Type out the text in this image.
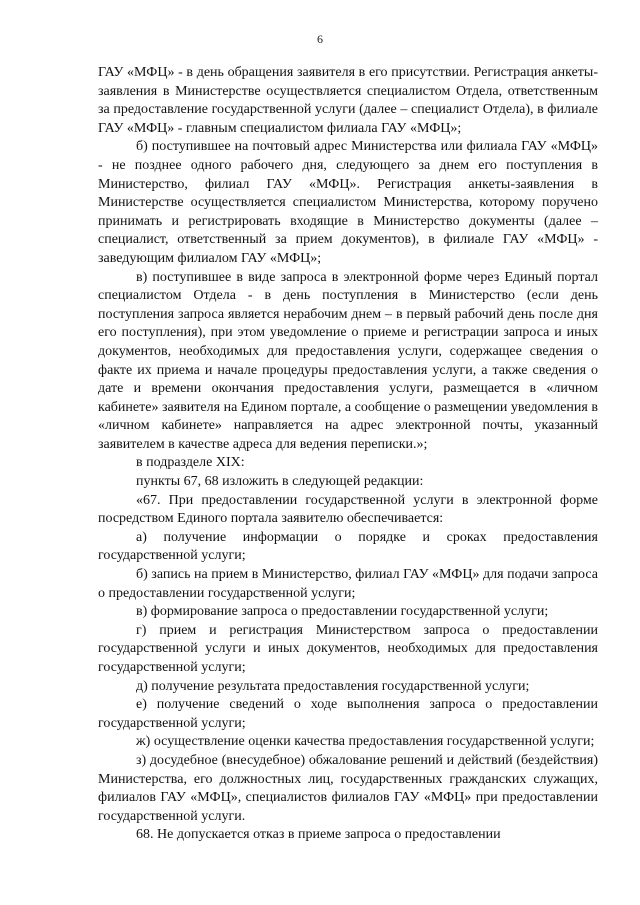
6

ГАУ «МФЦ» - в день обращения заявителя в его присутствии. Регистрация анкеты-заявления в Министерстве осуществляется специалистом Отдела, ответственным за предоставление государственной услуги (далее – специалист Отдела), в филиале ГАУ «МФЦ» - главным специалистом филиала ГАУ «МФЦ»;

б) поступившее на почтовый адрес Министерства или филиала ГАУ «МФЦ» - не позднее одного рабочего дня, следующего за днем его поступления в Министерство, филиал ГАУ «МФЦ». Регистрация анкеты-заявления в Министерстве осуществляется специалистом Министерства, которому поручено принимать и регистрировать входящие в Министерство документы (далее – специалист, ответственный за прием документов), в филиале ГАУ «МФЦ» - заведующим филиалом ГАУ «МФЦ»;

в) поступившее в виде запроса в электронной форме через Единый портал специалистом Отдела - в день поступления в Министерство (если день поступления запроса является нерабочим днем – в первый рабочий день после дня его поступления), при этом уведомление о приеме и регистрации запроса и иных документов, необходимых для предоставления услуги, содержащее сведения о факте их приема и начале процедуры предоставления услуги, а также сведения о дате и времени окончания предоставления услуги, размещается в «личном кабинете» заявителя на Едином портале, а сообщение о размещении уведомления в «личном кабинете» направляется на адрес электронной почты, указанный заявителем в качестве адреса для ведения переписки.»;

в подразделе XIX:

пункты 67, 68 изложить в следующей редакции:

«67. При предоставлении государственной услуги в электронной форме посредством Единого портала заявителю обеспечивается:

а) получение информации о порядке и сроках предоставления государственной услуги;

б) запись на прием в Министерство, филиал ГАУ «МФЦ» для подачи запроса о предоставлении государственной услуги;

в) формирование запроса о предоставлении государственной услуги;

г) прием и регистрация Министерством запроса о предоставлении государственной услуги и иных документов, необходимых для предоставления государственной услуги;

д) получение результата предоставления государственной услуги;

е) получение сведений о ходе выполнения запроса о предоставлении государственной услуги;

ж) осуществление оценки качества предоставления государственной услуги;

з) досудебное (внесудебное) обжалование решений и действий (бездействия) Министерства, его должностных лиц, государственных гражданских служащих, филиалов ГАУ «МФЦ», специалистов филиалов ГАУ «МФЦ» при предоставлении государственной услуги.

68. Не допускается отказ в приеме запроса о предоставлении
